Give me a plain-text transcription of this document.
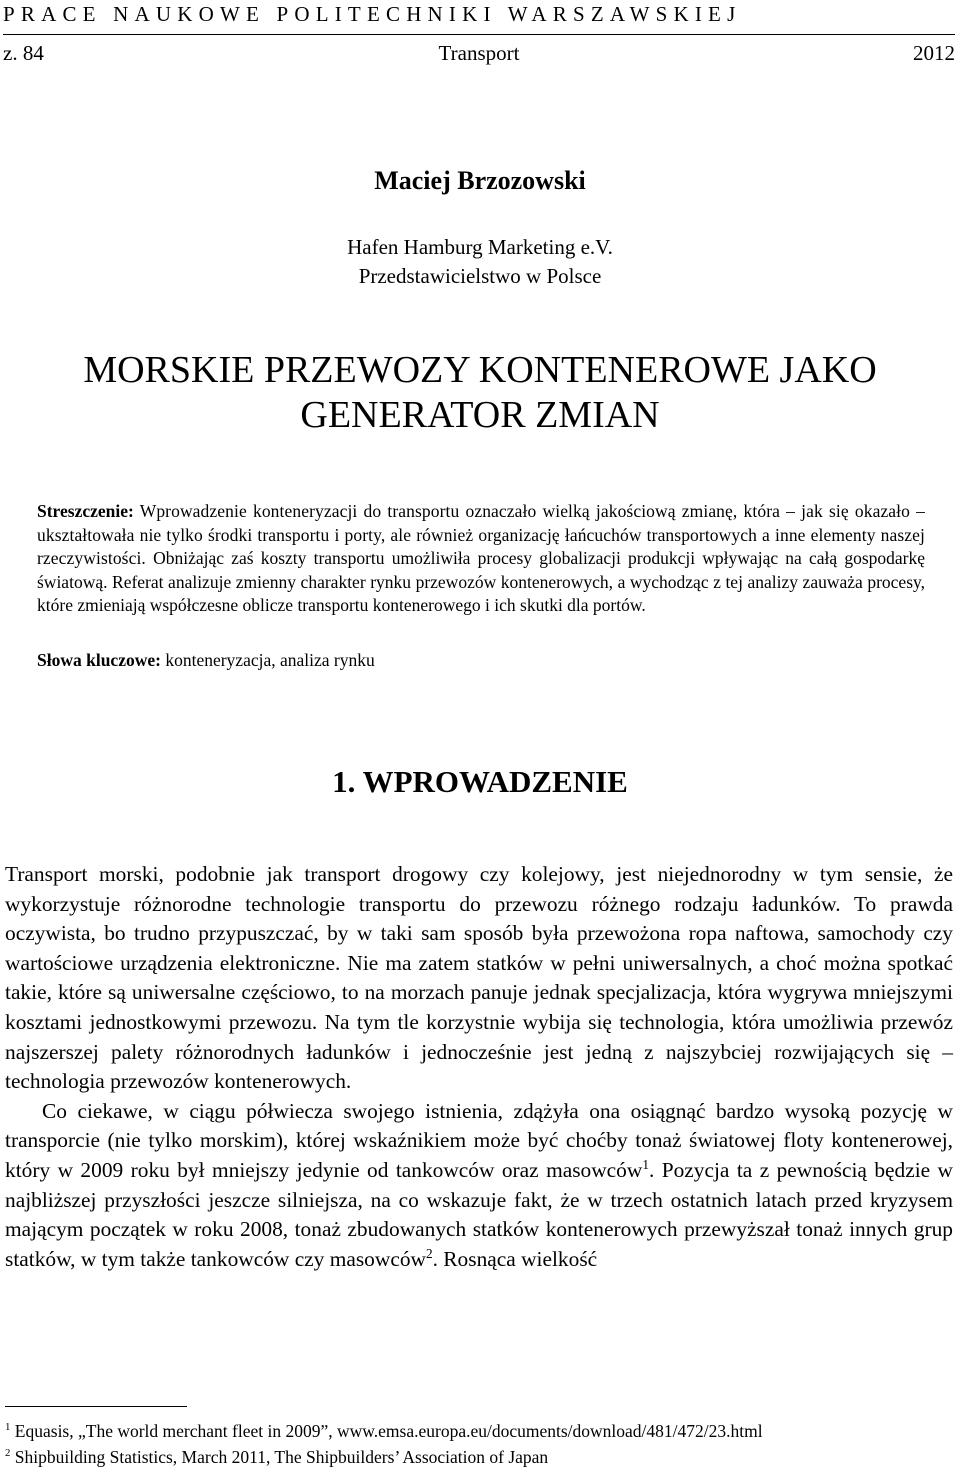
PRACE NAUKOWE POLITECHNIKI WARSZAWSKIEJ
z. 84	Transport	2012
Maciej Brzozowski
Hafen Hamburg Marketing e.V.
Przedstawicielstwo w Polsce
MORSKIE PRZEWOZY KONTENEROWE JAKO
GENERATOR ZMIAN

Streszczenie: Wprowadzenie konteneryzacji do transportu oznaczało wielką jakościową zmianę, która – jak się okazało – ukształtowała nie tylko środki transportu i porty, ale również organizację łańcuchów transportowych a inne elementy naszej rzeczywistości. Obniżając zaś koszty transportu umożliwiła procesy globalizacji produkcji wpływając na całą gospodarkę światową. Referat analizuje zmienny charakter rynku przewozów kontenerowych, a wychodząc z tej analizy zauważa procesy, które zmieniają współczesne oblicze transportu kontenerowego i ich skutki dla portów.

Słowa kluczowe: konteneryzacja, analiza rynku
1. WPROWADZENIE

Transport morski, podobnie jak transport drogowy czy kolejowy, jest niejednorodny w tym sensie, że wykorzystuje różnorodne technologie transportu do przewozu różnego rodzaju ładunków. To prawda oczywista, bo trudno przypuszczać, by w taki sam sposób była przewożona ropa naftowa, samochody czy wartościowe urządzenia elektroniczne. Nie ma zatem statków w pełni uniwersalnych, a choć można spotkać takie, które są uniwersalne częściowo, to na morzach panuje jednak specjalizacja, która wygrywa mniejszymi kosztami jednostkowymi przewozu. Na tym tle korzystnie wybija się technologia, która umożliwia przewóz najszerszej palety różnorodnych ładunków i jednocześnie jest jedną z najszybciej rozwijających się – technologia przewozów kontenerowych.

Co ciekawe, w ciągu półwiecza swojego istnienia, zdążyła ona osiągnąć bardzo wysoką pozycję w transporcie (nie tylko morskim), której wskaźnikiem może być choćby tonaż światowej floty kontenerowej, który w 2009 roku był mniejszy jedynie od tankowców oraz masowców$^1$. Pozycja ta z pewnością będzie w najbliższej przyszłości jeszcze silniejsza, na co wskazuje fakt, że w trzech ostatnich latach przed kryzysem mającym początek w roku 2008, tonaż zbudowanych statków kontenerowych przewyższał tonaż innych grup statków, w tym także tankowców czy masowców$^2$. Rosnąca wielkość

$^1$ Equasis, „The world merchant fleet in 2009”, www.emsa.europa.eu/documents/download/481/472/23.html
$^2$ Shipbuilding Statistics, March 2011, The Shipbuilders’ Association of Japan
